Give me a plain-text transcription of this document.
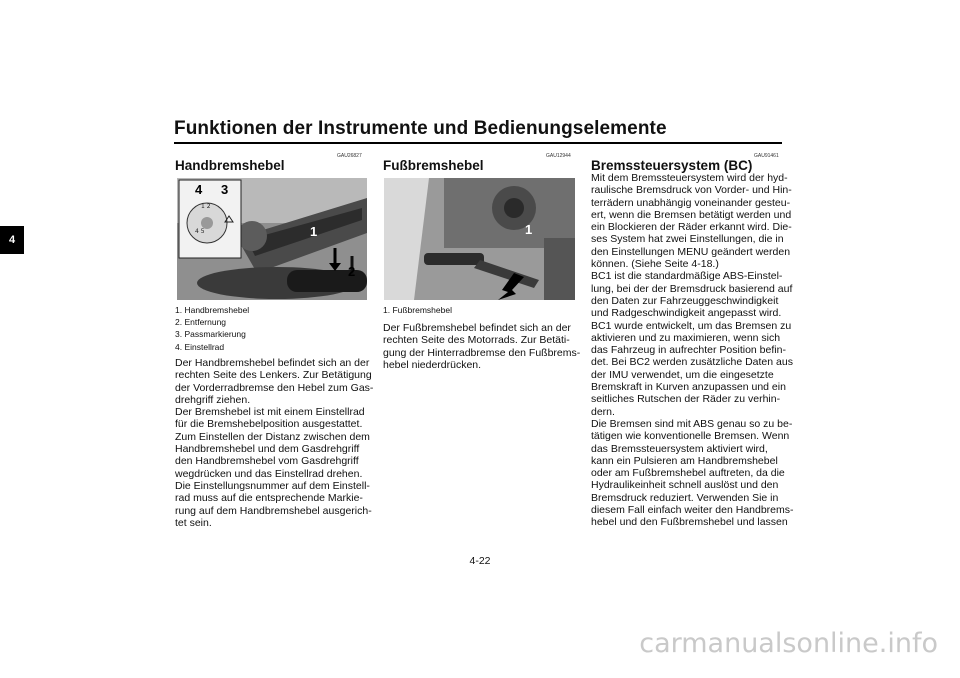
Funktionen der Instrumente und Bedienungselemente
4
GAU26827
Handbremshebel
1 2
4 5
4 3
1
2
1. Handbremshebel
2. Entfernung
3. Passmarkierung
4. Einstellrad
Der Handbremshebel befindet sich an der
rechten Seite des Lenkers. Zur Betätigung
der Vorderradbremse den Hebel zum Gas-
drehgriff ziehen.
Der Bremshebel ist mit einem Einstellrad
für die Bremshebelposition ausgestattet.
Zum Einstellen der Distanz zwischen dem
Handbremshebel und dem Gasdrehgriff
den Handbremshebel vom Gasdrehgriff
wegdrücken und das Einstellrad drehen.
Die Einstellungsnummer auf dem Einstell-
rad muss auf die entsprechende Markie-
rung auf dem Handbremshebel ausgerich-
tet sein.
GAU12944
Fußbremshebel
1
1. Fußbremshebel
Der Fußbremshebel befindet sich an der
rechten Seite des Motorrads. Zur Betäti-
gung der Hinterradbremse den Fußbrems-
hebel niederdrücken.
GAU91461
Bremssteuersystem (BC)
Mit dem Bremssteuersystem wird der hyd-
raulische Bremsdruck von Vorder- und Hin-
terrädern unabhängig voneinander gesteu-
ert, wenn die Bremsen betätigt werden und
ein Blockieren der Räder erkannt wird. Die-
ses System hat zwei Einstellungen, die in
den Einstellungen MENU geändert werden
können. (Siehe Seite 4-18.)
BC1 ist die standardmäßige ABS-Einstel-
lung, bei der der Bremsdruck basierend auf
den Daten zur Fahrzeuggeschwindigkeit
und Radgeschwindigkeit angepasst wird.
BC1 wurde entwickelt, um das Bremsen zu
aktivieren und zu maximieren, wenn sich
das Fahrzeug in aufrechter Position befin-
det. Bei BC2 werden zusätzliche Daten aus
der IMU verwendet, um die eingesetzte
Bremskraft in Kurven anzupassen und ein
seitliches Rutschen der Räder zu verhin-
dern.
Die Bremsen sind mit ABS genau so zu be-
tätigen wie konventionelle Bremsen. Wenn
das Bremssteuersystem aktiviert wird,
kann ein Pulsieren am Handbremshebel
oder am Fußbremshebel auftreten, da die
Hydraulikeinheit schnell auslöst und den
Bremsdruck reduziert. Verwenden Sie in
diesem Fall einfach weiter den Handbrems-
hebel und den Fußbremshebel und lassen
4-22
carmanualsonline.info
